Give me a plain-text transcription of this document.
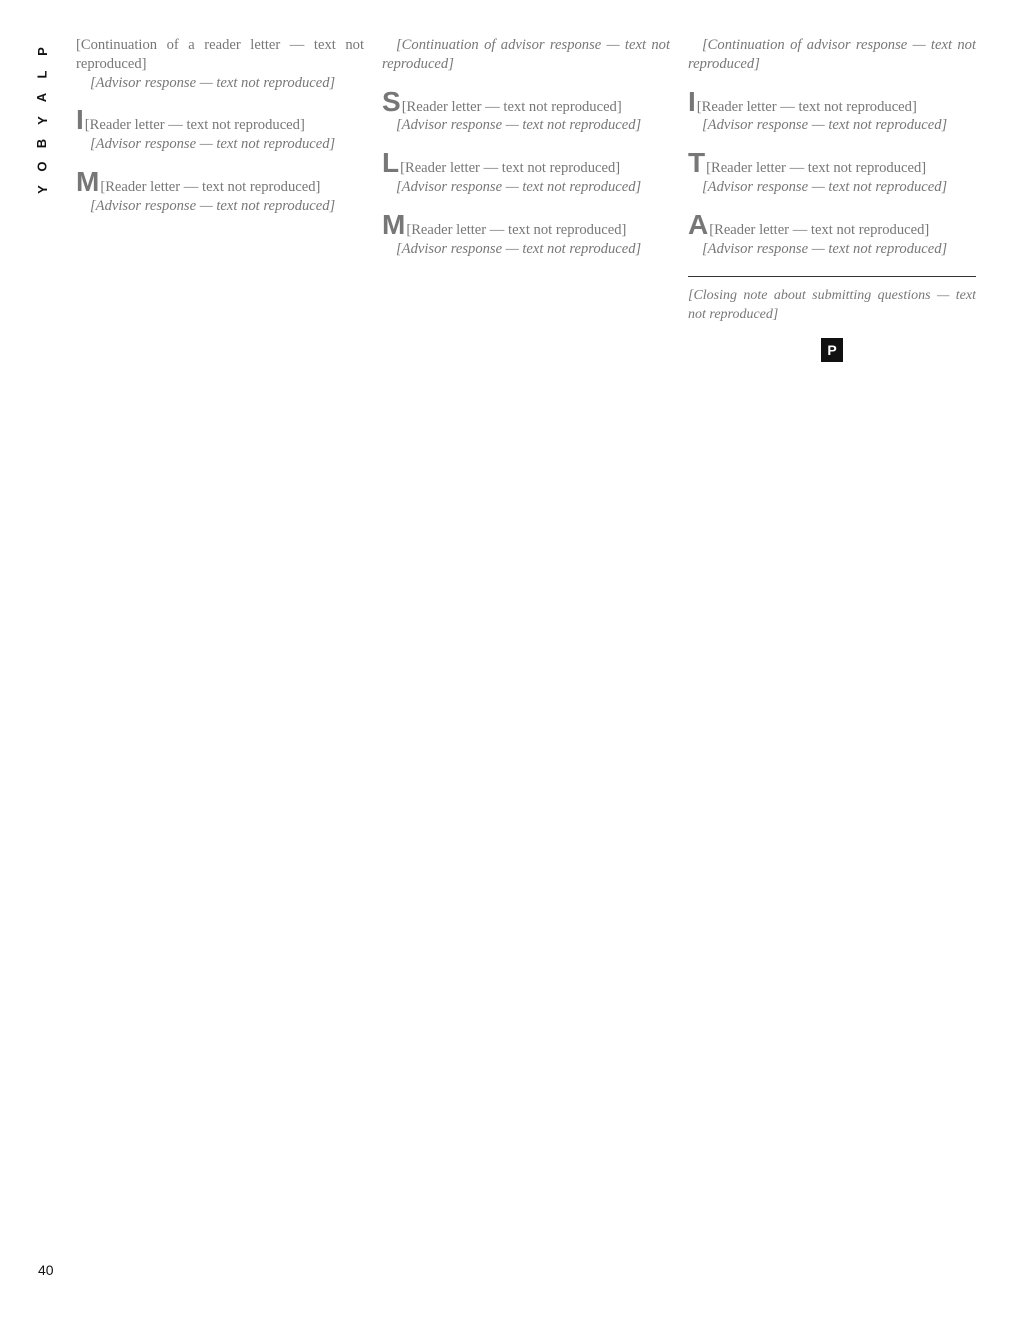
P
L
A
Y
B
O
Y
40

[Continuation of a reader letter — text not reproduced]

[Advisor response — text not reproduced]

I[Reader letter — text not reproduced]

[Advisor response — text not reproduced]

M[Reader letter — text not reproduced]

[Advisor response — text not reproduced]

[Continuation of advisor response — text not reproduced]

S[Reader letter — text not reproduced]

[Advisor response — text not reproduced]

L[Reader letter — text not reproduced]

[Advisor response — text not reproduced]

M[Reader letter — text not reproduced]

[Advisor response — text not reproduced]

[Continuation of advisor response — text not reproduced]

I[Reader letter — text not reproduced]

[Advisor response — text not reproduced]

T[Reader letter — text not reproduced]

[Advisor response — text not reproduced]

A[Reader letter — text not reproduced]

[Advisor response — text not reproduced]

[Closing note about submitting questions — text not reproduced]
P
